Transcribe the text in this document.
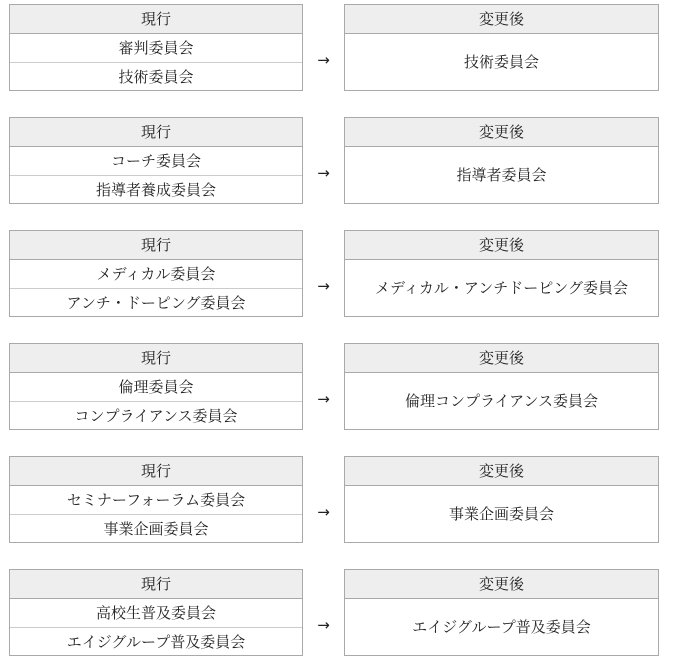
現行
審判委員会
技術委員会
→
変更後
技術委員会
現行
コーチ委員会
指導者養成委員会
→
変更後
指導者委員会
現行
メディカル委員会
アンチ・ドーピング委員会
→
変更後
メディカル・アンチドーピング委員会
現行
倫理委員会
コンプライアンス委員会
→
変更後
倫理コンプライアンス委員会
現行
セミナーフォーラム委員会
事業企画委員会
→
変更後
事業企画委員会
現行
高校生普及委員会
エイジグループ普及委員会
→
変更後
エイジグループ普及委員会
